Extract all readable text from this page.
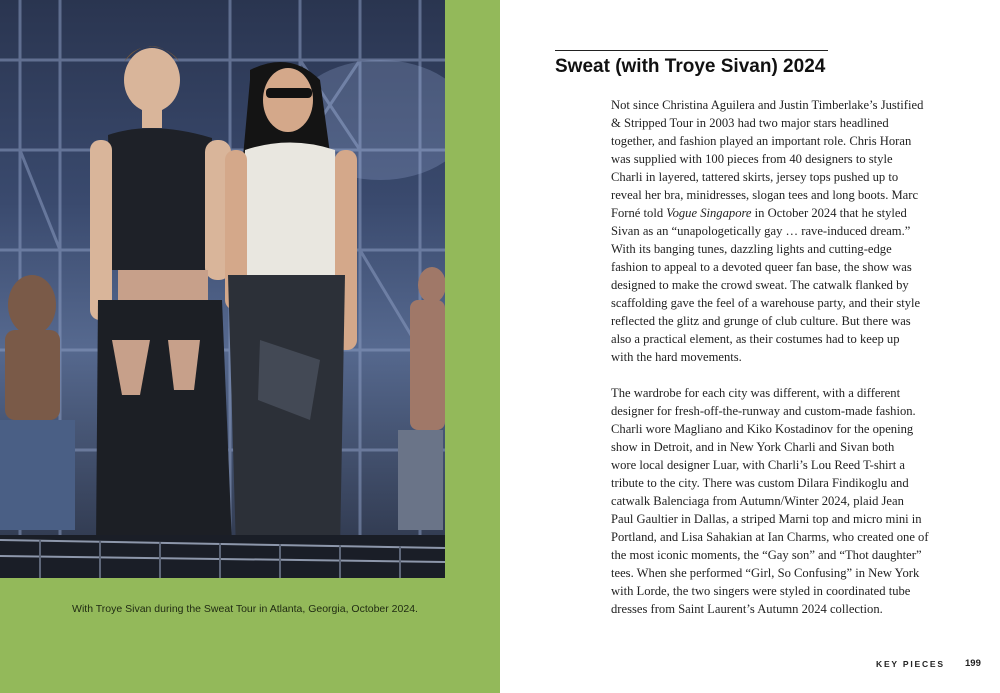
With Troye Sivan during the Sweat Tour in Atlanta, Georgia, October 2024.
Sweat (with Troye Sivan) 2024

Not since Christina Aguilera and Justin Timberlake’s Justified
& Stripped Tour in 2003 had two major stars headlined
together, and fashion played an important role. Chris Horan
was supplied with 100 pieces from 40 designers to style
Charli in layered, tattered skirts, jersey tops pushed up to
reveal her bra, minidresses, slogan tees and long boots. Marc
Forné told Vogue Singapore in October 2024 that he styled
Sivan as an “unapologetically gay … rave-induced dream.”
With its banging tunes, dazzling lights and cutting-edge
fashion to appeal to a devoted queer fan base, the show was
designed to make the crowd sweat. The catwalk flanked by
scaffolding gave the feel of a warehouse party, and their style
reflected the glitz and grunge of club culture. But there was
also a practical element, as their costumes had to keep up
with the hard movements.

The wardrobe for each city was different, with a different
designer for fresh-off-the-runway and custom-made fashion.
Charli wore Magliano and Kiko Kostadinov for the opening
show in Detroit, and in New York Charli and Sivan both
wore local designer Luar, with Charli’s Lou Reed T-shirt a
tribute to the city. There was custom Dilara Findikoglu and
catwalk Balenciaga from Autumn/Winter 2024, plaid Jean
Paul Gaultier in Dallas, a striped Marni top and micro mini in
Portland, and Lisa Sahakian at Ian Charms, who created one of
the most iconic moments, the “Gay son” and “Thot daughter”
tees. When she performed “Girl, So Confusing” in New York
with Lorde, the two singers were styled in coordinated tube
dresses from Saint Laurent’s Autumn 2024 collection.

KEY PIECES 199
